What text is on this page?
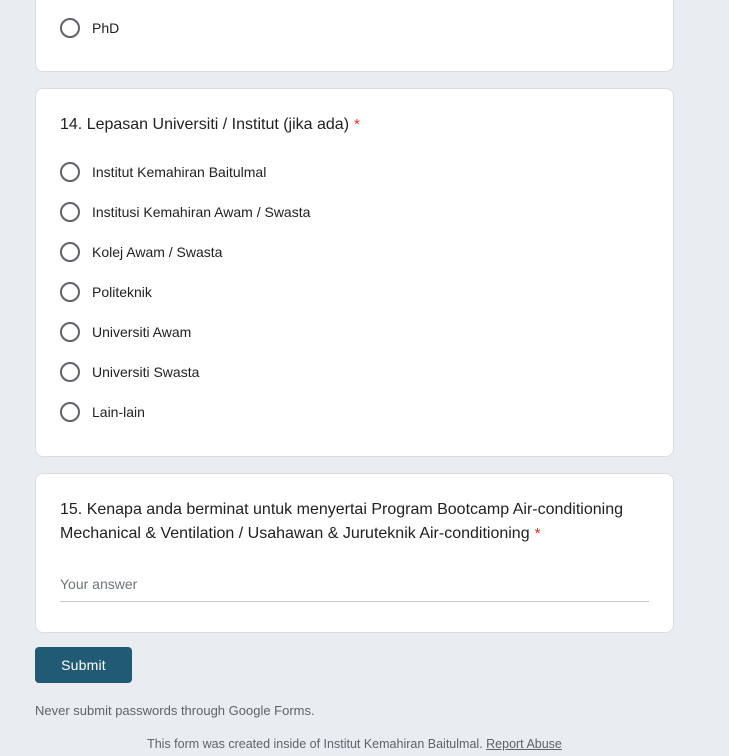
PhD
14. Lepasan Universiti / Institut (jika ada) *
Institut Kemahiran Baitulmal
Institusi Kemahiran Awam / Swasta
Kolej Awam / Swasta
Politeknik
Universiti Awam
Universiti Swasta
Lain-lain
15. Kenapa anda berminat untuk menyertai Program Bootcamp Air-conditioning Mechanical & Ventilation / Usahawan & Juruteknik Air-conditioning *
Your answer
Submit
Never submit passwords through Google Forms.
This form was created inside of Institut Kemahiran Baitulmal. Report Abuse
